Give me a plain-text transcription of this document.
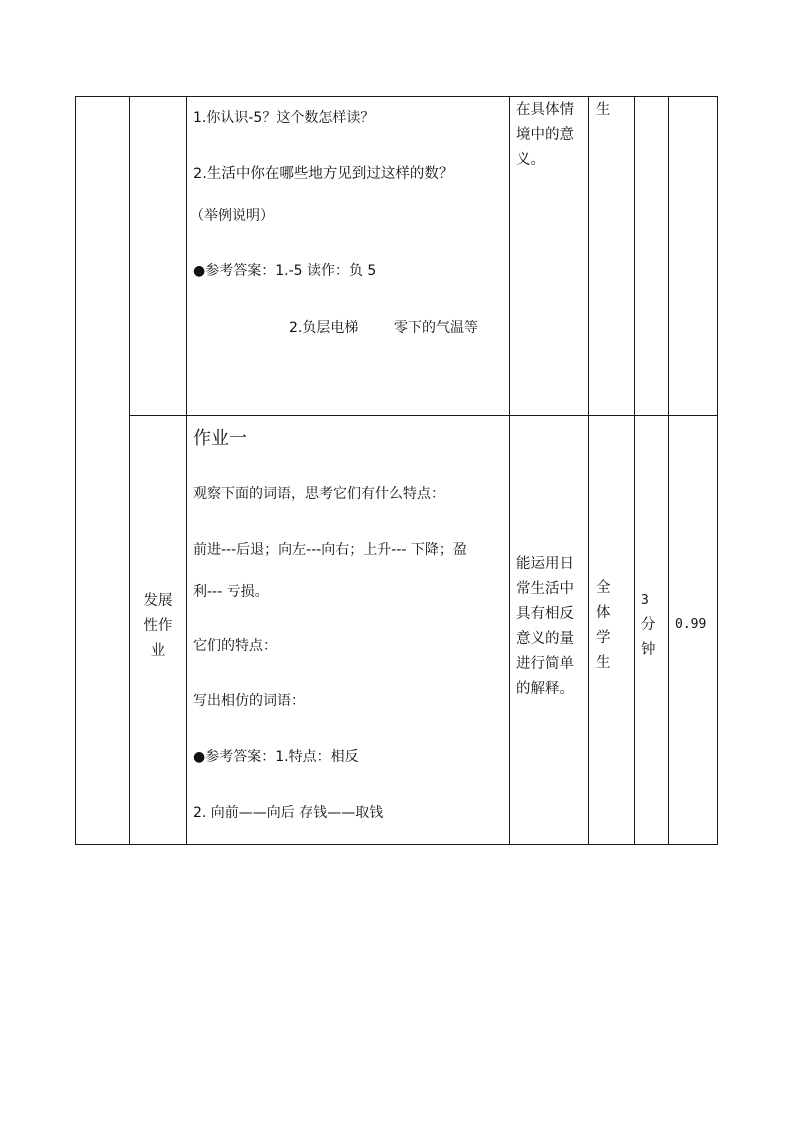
1.你认识-5？这个数怎样读？
2.生活中你在哪些地方见到过这样的数？
（举例说明）
●参考答案：1.-5 读作：负 5
2.负层电梯	零下的气温等
在具体情
境中的意
义。
生
发展
性作
业
作业一
观察下面的词语，思考它们有什么特点：
前进---后退；向左---向右；上升--- 下降；盈
利--- 亏损。
它们的特点：
写出相仿的词语：
●参考答案：1.特点：相反
2. 向前——向后 存钱——取钱
能运用日
常生活中
具有相反
意义的量
进行简单
的解释。
全
体
学
生
3
分
钟
0.99
